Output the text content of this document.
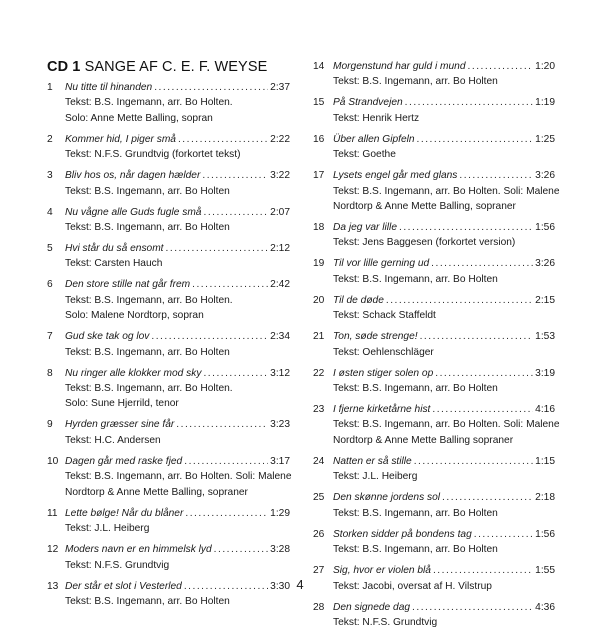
CD 1 SANGE AF C. E. F. WEYSE
1 Nu titte til hinanden .....	2:37
Tekst: B.S. Ingemann, arr. Bo Holten.
Solo: Anne Mette Balling, sopran
2 Kommer hid, I piger små .....	2:22
Tekst: N.F.S. Grundtvig (forkortet tekst)
3 Bliv hos os, når dagen hælder .....	3:22
Tekst: B.S. Ingemann, arr. Bo Holten
4 Nu vågne alle Guds fugle små .....	2:07
Tekst: B.S. Ingemann, arr. Bo Holten
5 Hvi står du så ensomt .....	2:12
Tekst: Carsten Hauch
6 Den store stille nat går frem .....	2:42
Tekst: B.S. Ingemann, arr. Bo Holten.
Solo: Malene Nordtorp, sopran
7 Gud ske tak og lov .....	2:34
Tekst: B.S. Ingemann, arr. Bo Holten
8 Nu ringer alle klokker mod sky .....	3:12
Tekst: B.S. Ingemann, arr. Bo Holten.
Solo: Sune Hjerrild, tenor
9 Hyrden græsser sine får .....	3:23
Tekst: H.C. Andersen
10 Dagen går med raske fjed .....	3:17
Tekst: B.S. Ingemann, arr. Bo Holten. Soli: Malene
Nordtorp & Anne Mette Balling, sopraner
11 Lette bølge! Når du blåner .....	1:29
Tekst: J.L. Heiberg
12 Moders navn er en himmelsk lyd .....	3:28
Tekst: N.F.S. Grundtvig
13 Der står et slot i Vesterled .....	3:30
Tekst: B.S. Ingemann, arr. Bo Holten
14 Morgenstund har guld i mund .....	1:20
Tekst: B.S. Ingemann, arr. Bo Holten
15 På Strandvejen .....	1:19
Tekst: Henrik Hertz
16 Über allen Gipfeln .....	1:25
Tekst: Goethe
17 Lysets engel går med glans .....	3:26
Tekst: B.S. Ingemann, arr. Bo Holten. Soli: Malene
Nordtorp & Anne Mette Balling, sopraner
18 Da jeg var lille .....	1:56
Tekst: Jens Baggesen (forkortet version)
19 Til vor lille gerning ud .....	3:26
Tekst: B.S. Ingemann, arr. Bo Holten
20 Til de døde .....	2:15
Tekst: Schack Staffeldt
21 Ton, søde strenge! .....	1:53
Tekst: Oehlenschläger
22 I østen stiger solen op .....	3:19
Tekst: B.S. Ingemann, arr. Bo Holten
23 I fjerne kirketårne hist .....	4:16
Tekst: B.S. Ingemann, arr. Bo Holten. Soli: Malene
Nordtorp & Anne Mette Balling sopraner
24 Natten er så stille .....	1:15
Tekst: J.L. Heiberg
25 Den skønne jordens sol .....	2:18
Tekst: B.S. Ingemann, arr. Bo Holten
26 Storken sidder på bondens tag .....	1:56
Tekst: B.S. Ingemann, arr. Bo Holten
27 Sig, hvor er violen blå .....	1:55
Tekst: Jacobi, oversat af H. Vilstrup
28 Den signede dag .....	4:36
Tekst: N.F.S. Grundtvig
4
